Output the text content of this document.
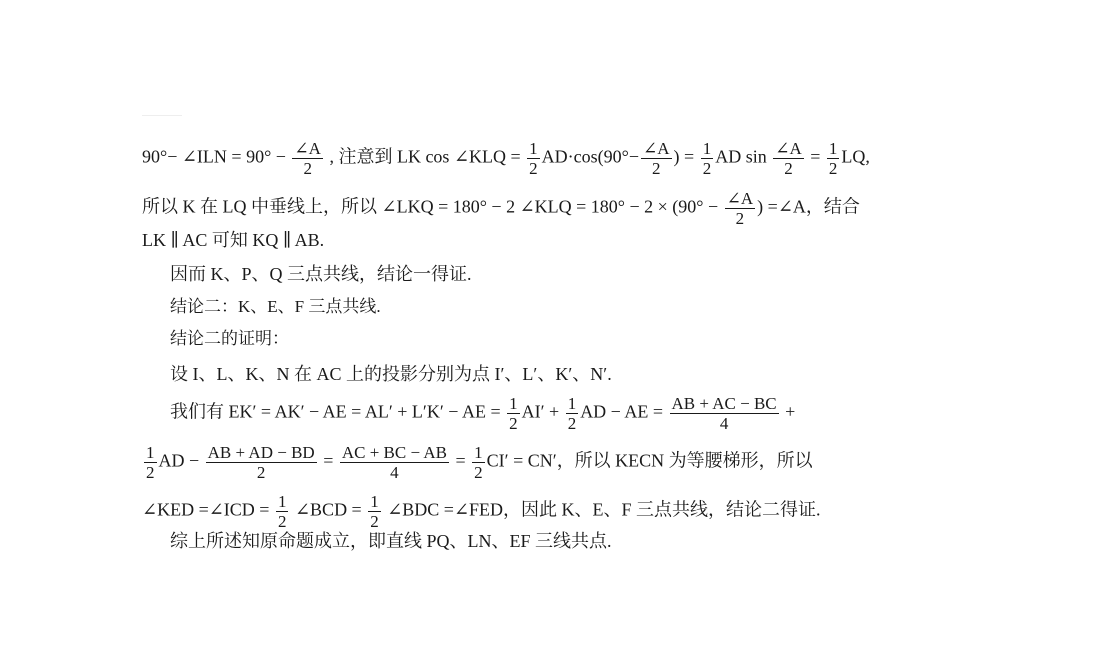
90°− ∠ILN = $90^\circ - \frac{\angle A}{2}$ , 注意到 LK cos ∠KLQ = $\frac{1}{2} AD\cdot\cos(90^\circ- \frac{\angle A}{2}$ ) = $\frac{1}{2}$ AD $\sin \frac{\angle A}{2} = \frac{1}{2}$ LQ,
所以 K 在 LQ 中垂线上，所以 ∠LKQ = 180° − 2 ∠KLQ = $180^\circ - 2 \times (90^\circ - \frac{\angle A}{2}$ ) =∠A，结合
LK ∥ AC 可知 KQ ∥ AB.
因而 K、P、Q 三点共线，结论一得证.
结论二：K、E、F 三点共线.
结论二的证明：
设 I、L、K、N 在 AC 上的投影分别为点 I′、L′、K′、N′.
我们有 EK′ = AK′ − AE = AL′ + L′K′ − AE = $\frac{1}{2} AI' + \frac{1}{2}$ AD − AE = $\frac{AB + AC - BC}{4}$ +
$\frac{1}{2}$ AD − $\frac{AB + AD - BD}{2} = \frac{AC + BC - AB}{4} = \frac{1}{2} CI' = CN'$，所以 KECN 为等腰梯形，所以
∠KED =∠ICD = $\frac{1}{2}$ ∠BCD = $\frac{1}{2}$ ∠BDC =∠FED，因此 K、E、F 三点共线，结论二得证.
综上所述知原命题成立，即直线 PQ、LN、EF 三线共点.
